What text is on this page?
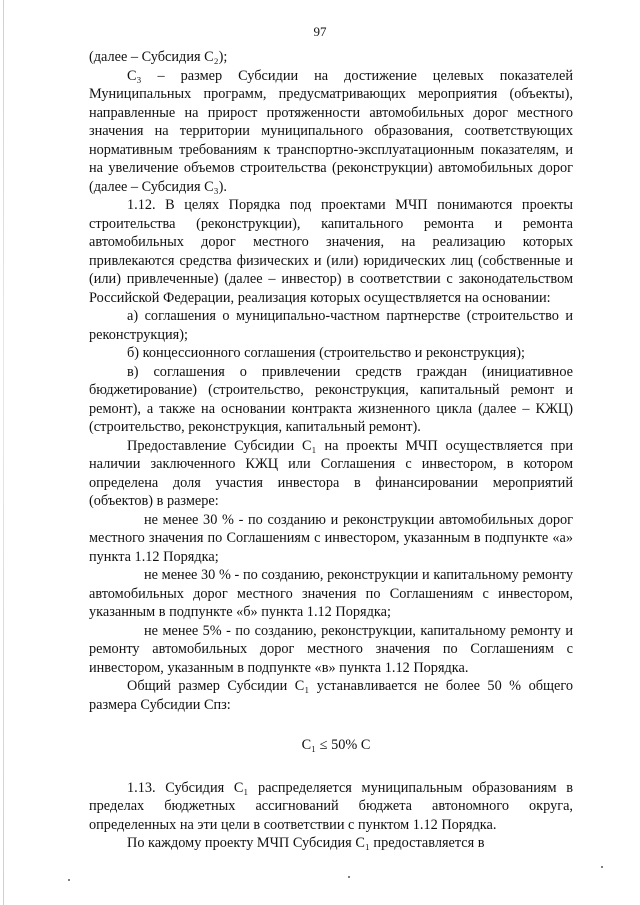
97

(далее – Субсидия С₂);

С₃ – размер Субсидии на достижение целевых показателей Муниципальных программ, предусматривающих мероприятия (объекты), направленные на прирост протяженности автомобильных дорог местного значения на территории муниципального образования, соответствующих нормативным требованиям к транспортно-эксплуатационным показателям, и на увеличение объемов строительства (реконструкции) автомобильных дорог (далее – Субсидия С₃).

1.12. В целях Порядка под проектами МЧП понимаются проекты строительства (реконструкции), капитального ремонта и ремонта автомобильных дорог местного значения, на реализацию которых привлекаются средства физических и (или) юридических лиц (собственные и (или) привлеченные) (далее – инвестор) в соответствии с законодательством Российской Федерации, реализация которых осуществляется на основании:

а) соглашения о муниципально-частном партнерстве (строительство и реконструкция);

б) концессионного соглашения (строительство и реконструкция);

в) соглашения о привлечении средств граждан (инициативное бюджетирование) (строительство, реконструкция, капитальный ремонт и ремонт), а также на основании контракта жизненного цикла (далее – КЖЦ) (строительство, реконструкция, капитальный ремонт).

Предоставление Субсидии С₁ на проекты МЧП осуществляется при наличии заключенного КЖЦ или Соглашения с инвестором, в котором определена доля участия инвестора в финансировании мероприятий (объектов) в размере:

не менее 30 % - по созданию и реконструкции автомобильных дорог местного значения по Соглашениям с инвестором, указанным в подпункте «а» пункта 1.12 Порядка;

не менее 30 % - по созданию, реконструкции и капитальному ремонту автомобильных дорог местного значения по Соглашениям с инвестором, указанным в подпункте «б» пункта 1.12 Порядка;

не менее 5% - по созданию, реконструкции, капитальному ремонту и ремонту автомобильных дорог местного значения по Соглашениям с инвестором, указанным в подпункте «в» пункта 1.12 Порядка.

Общий размер Субсидии С₁ устанавливается не более 50 % общего размера Субсидии Спз:

С₁ ≤ 50% С

1.13. Субсидия С₁ распределяется муниципальным образованиям в пределах бюджетных ассигнований бюджета автономного округа, определенных на эти цели в соответствии с пунктом 1.12 Порядка.

По каждому проекту МЧП Субсидия С₁ предоставляется в
